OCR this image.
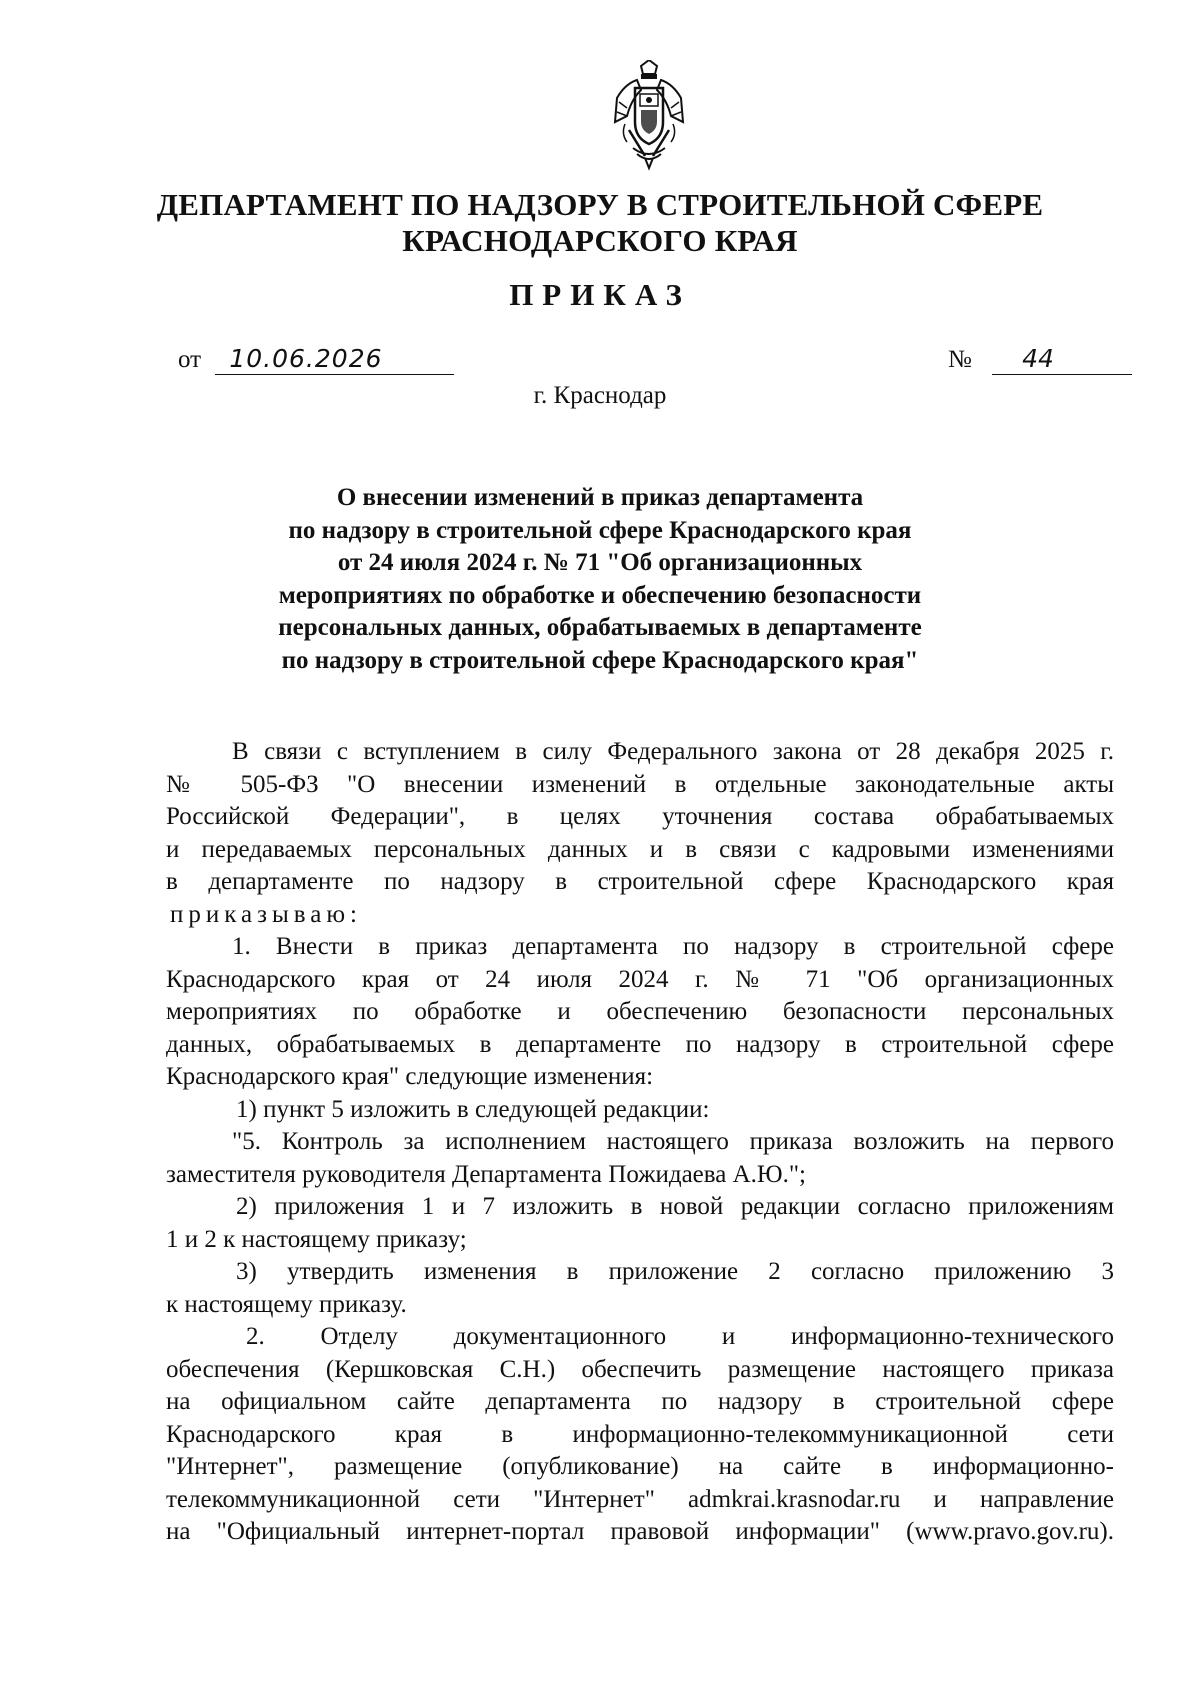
ДЕПАРТАМЕНТ ПО НАДЗОРУ В СТРОИТЕЛЬНОЙ СФЕРЕ
КРАСНОДАРСКОГО КРАЯ
ПРИКАЗ
от 10.06.2026	№ 44
г. Краснодар
О внесении изменений в приказ департамента
по надзору в строительной сфере Краснодарского края
от 24 июля 2024 г. № 71 "Об организационных
мероприятиях по обработке и обеспечению безопасности
персональных данных, обрабатываемых в департаменте
по надзору в строительной сфере Краснодарского края"
В связи с вступлением в силу Федерального закона от 28 декабря 2025 г.
№ 505-ФЗ "О внесении изменений в отдельные законодательные акты
Российской Федерации", в целях уточнения состава обрабатываемых
и передаваемых персональных данных и в связи с кадровыми изменениями
в департаменте по надзору в строительной сфере Краснодарского края
приказываю:
1. Внести в приказ департамента по надзору в строительной сфере
Краснодарского края от 24 июля 2024 г. № 71 "Об организационных
мероприятиях по обработке и обеспечению безопасности персональных
данных, обрабатываемых в департаменте по надзору в строительной сфере
Краснодарского края" следующие изменения:
1) пункт 5 изложить в следующей редакции:
"5. Контроль за исполнением настоящего приказа возложить на первого
заместителя руководителя Департамента Пожидаева А.Ю.";
2) приложения 1 и 7 изложить в новой редакции согласно приложениям
1 и 2 к настоящему приказу;
3) утвердить изменения в приложение 2 согласно приложению 3
к настоящему приказу.
2. Отделу документационного и информационно-технического
обеспечения (Кершковская С.Н.) обеспечить размещение настоящего приказа
на официальном сайте департамента по надзору в строительной сфере
Краснодарского края в информационно-телекоммуникационной сети
"Интернет", размещение (опубликование) на сайте в информационно-
телекоммуникационной сети "Интернет" admkrai.krasnodar.ru и направление
на "Официальный интернет-портал правовой информации" (www.pravo.gov.ru).
